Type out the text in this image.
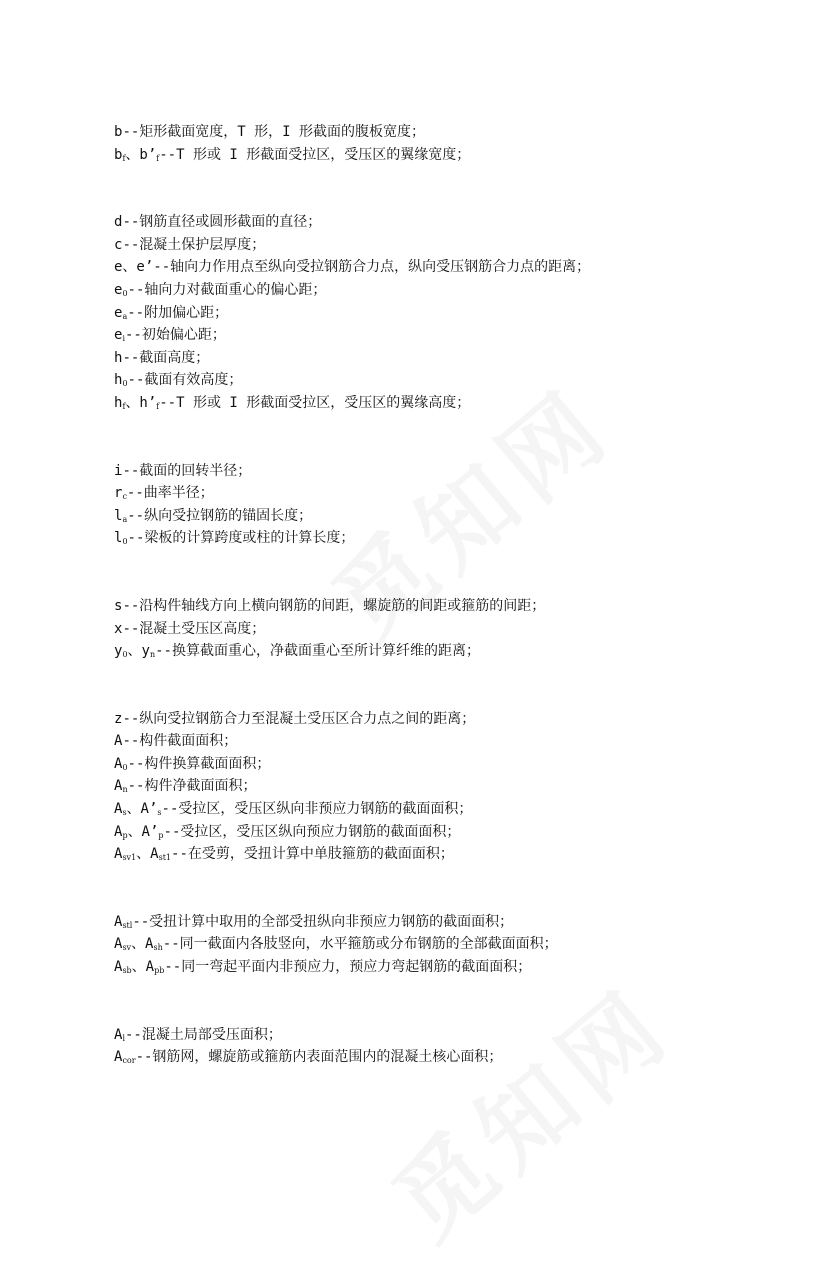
b--矩形截面宽度，T 形，I 形截面的腹板宽度；
$b_f$、$b’_f--T$ 形或 I 形截面受拉区，受压区的翼缘宽度；
d--钢筋直径或圆形截面的直径；
c--混凝土保护层厚度；
e、e’--轴向力作用点至纵向受拉钢筋合力点，纵向受压钢筋合力点的距离；
$e_0--$轴向力对截面重心的偏心距；
$e_a--$附加偏心距；
$e_i--$初始偏心距；
h--截面高度；
$h_0--$截面有效高度；
$h_f$、$h’_f--T$ 形或 I 形截面受拉区，受压区的翼缘高度；
i--截面的回转半径；
$r_c--$曲率半径；
$l_a--$纵向受拉钢筋的锚固长度；
$l_0--$梁板的计算跨度或柱的计算长度；
s--沿构件轴线方向上横向钢筋的间距，螺旋筋的间距或箍筋的间距；
x--混凝土受压区高度；
$y_0$、$y_n--$换算截面重心，净截面重心至所计算纤维的距离；
z--纵向受拉钢筋合力至混凝土受压区合力点之间的距离；
A--构件截面面积；
$A_0--$构件换算截面面积；
$A_n--$构件净截面面积；
$A_s$、$A’_s--$受拉区，受压区纵向非预应力钢筋的截面面积；
$A_p$、$A’_p--$受拉区，受压区纵向预应力钢筋的截面面积；
$A_{sv1}$、$A_{st1}--$在受剪，受扭计算中单肢箍筋的截面面积；
$A_{stl}--$受扭计算中取用的全部受扭纵向非预应力钢筋的截面面积；
$A_{sv}$、$A_{sh}--$同一截面内各肢竖向，水平箍筋或分布钢筋的全部截面面积；
$A_{sb}$、$A_{pb}--$同一弯起平面内非预应力，预应力弯起钢筋的截面面积；
$A_l--$混凝土局部受压面积；
$A_{cor}--$钢筋网，螺旋筋或箍筋内表面范围内的混凝土核心面积；
